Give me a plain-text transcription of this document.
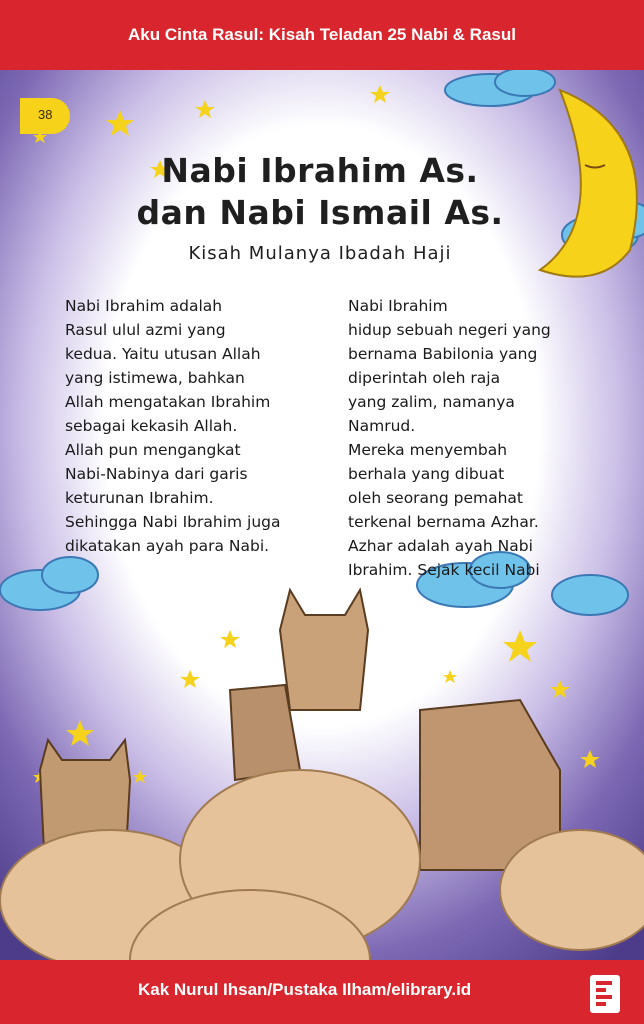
Aku Cinta Rasul: Kisah Teladan 25 Nabi & Rasul
38
Nabi Ibrahim As.
dan Nabi Ismail As.
Kisah Mulanya Ibadah Haji
Nabi Ibrahim adalah
Rasul ulul azmi yang
kedua. Yaitu utusan Allah
yang istimewa, bahkan
Allah mengatakan Ibrahim
sebagai kekasih Allah.
Allah pun mengangkat
Nabi-Nabinya dari garis
keturunan Ibrahim.
Sehingga Nabi Ibrahim juga
dikatakan ayah para Nabi.
Nabi Ibrahim
hidup sebuah negeri yang
bernama Babilonia yang
diperintah oleh raja
yang zalim, namanya
Namrud.
Mereka menyembah
berhala yang dibuat
oleh seorang pemahat
terkenal bernama Azhar.
Azhar adalah ayah Nabi
Ibrahim. Sejak kecil Nabi
Kak Nurul Ihsan/Pustaka Ilham/elibrary.id
